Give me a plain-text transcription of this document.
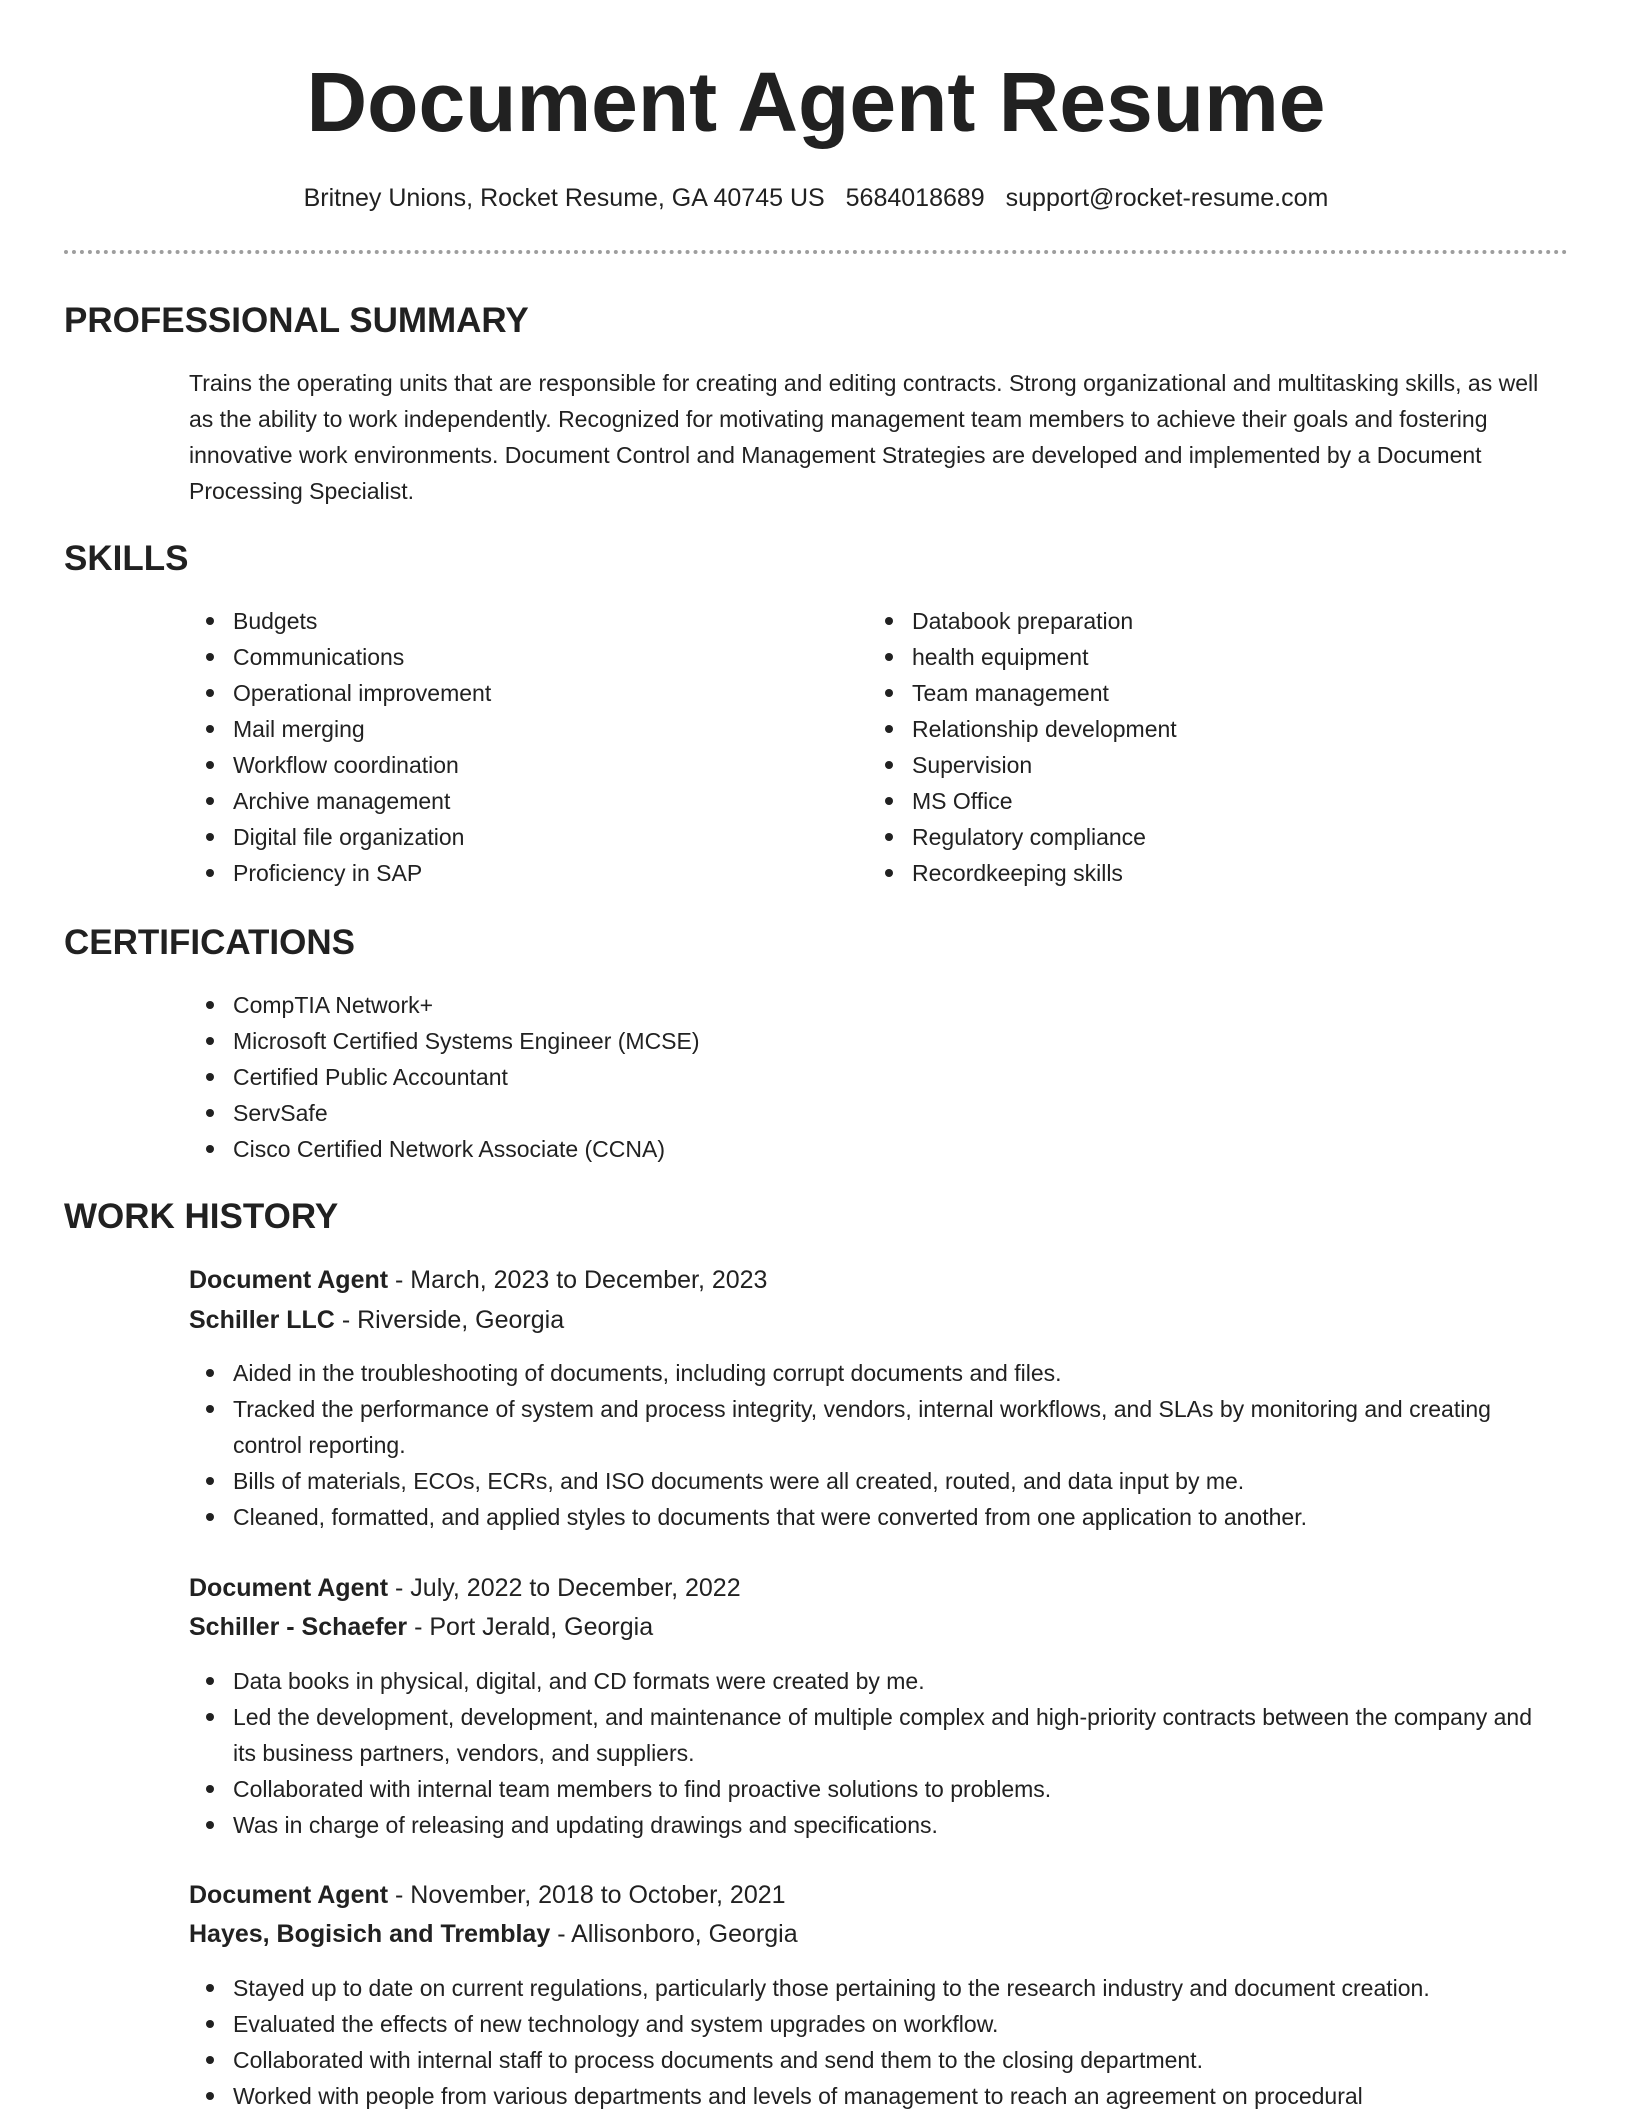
Document Agent Resume
Britney Unions, Rocket Resume, GA 40745 US 5684018689 support@rocket-resume.com
PROFESSIONAL SUMMARY

Trains the operating units that are responsible for creating and editing contracts. Strong organizational and multitasking skills, as well as the ability to work independently. Recognized for motivating management team members to achieve their goals and fostering innovative work environments. Document Control and Management Strategies are developed and implemented by a Document Processing Specialist.

SKILLS
Budgets
Communications
Operational improvement
Mail merging
Workflow coordination
Archive management
Digital file organization
Proficiency in SAP
Databook preparation
health equipment
Team management
Relationship development
Supervision
MS Office
Regulatory compliance
Recordkeeping skills
CERTIFICATIONS
CompTIA Network+
Microsoft Certified Systems Engineer (MCSE)
Certified Public Accountant
ServSafe
Cisco Certified Network Associate (CCNA)
WORK HISTORY
Document Agent - March, 2023 to December, 2023
Schiller LLC - Riverside, Georgia
Aided in the troubleshooting of documents, including corrupt documents and files.
Tracked the performance of system and process integrity, vendors, internal workflows, and SLAs by monitoring and creating control reporting.
Bills of materials, ECOs, ECRs, and ISO documents were all created, routed, and data input by me.
Cleaned, formatted, and applied styles to documents that were converted from one application to another.
Document Agent - July, 2022 to December, 2022
Schiller - Schaefer - Port Jerald, Georgia
Data books in physical, digital, and CD formats were created by me.
Led the development, development, and maintenance of multiple complex and high-priority contracts between the company and its business partners, vendors, and suppliers.
Collaborated with internal team members to find proactive solutions to problems.
Was in charge of releasing and updating drawings and specifications.
Document Agent - November, 2018 to October, 2021
Hayes, Bogisich and Tremblay - Allisonboro, Georgia
Stayed up to date on current regulations, particularly those pertaining to the research industry and document creation.
Evaluated the effects of new technology and system upgrades on workflow.
Collaborated with internal staff to process documents and send them to the closing department.
Worked with people from various departments and levels of management to reach an agreement on procedural
